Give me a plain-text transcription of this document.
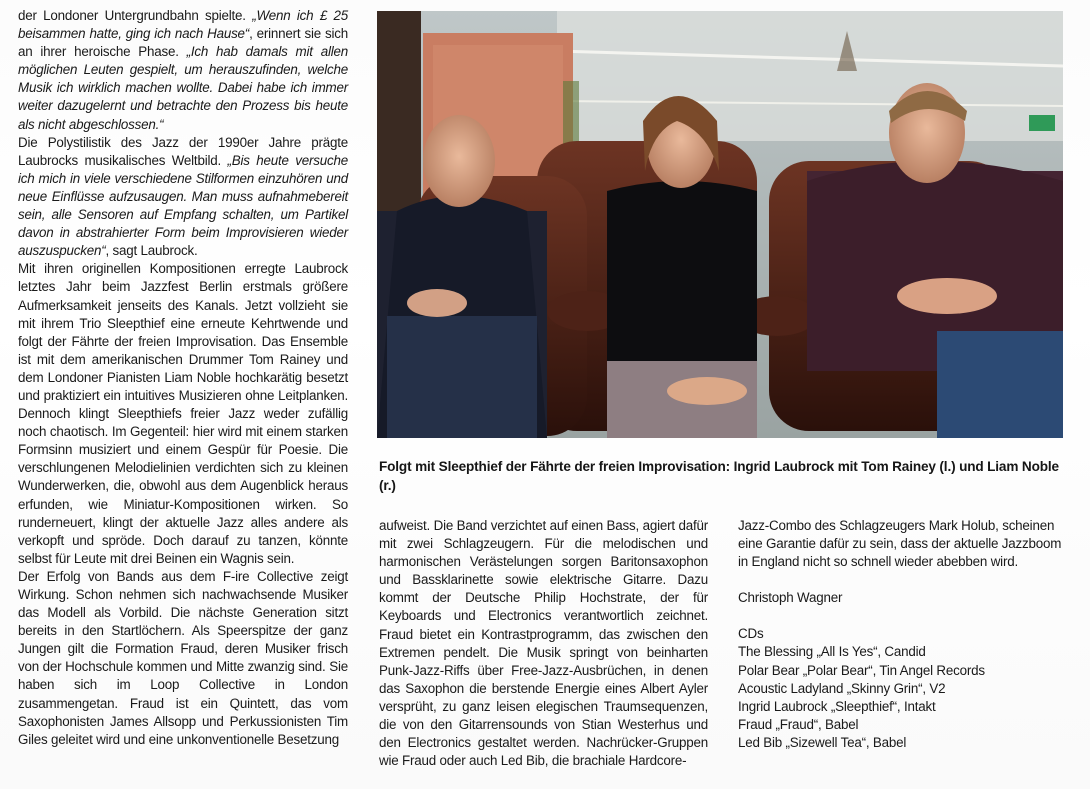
der Londoner Untergrundbahn spielte. „Wenn ich £ 25 beisammen hatte, ging ich nach Hause“, erinnert sie sich an ihrer heroische Phase. „Ich hab damals mit allen möglichen Leuten gespielt, um herauszufinden, welche Musik ich wirklich machen wollte. Dabei habe ich immer weiter dazugelernt und betrachte den Prozess bis heute als nicht abgeschlossen.“

Die Polystilistik des Jazz der 1990er Jahre prägte Laubrocks musikalisches Weltbild. „Bis heute versuche ich mich in viele verschiedene Stilformen einzuhören und neue Einflüsse aufzusaugen. Man muss aufnahmebereit sein, alle Sensoren auf Empfang schalten, um Partikel davon in abstrahierter Form beim Improvisieren wieder auszuspucken“, sagt Laubrock.

Mit ihren originellen Kompositionen erregte Laubrock letztes Jahr beim Jazzfest Berlin erstmals größere Aufmerksamkeit jenseits des Kanals. Jetzt vollzieht sie mit ihrem Trio Sleepthief eine erneute Kehrtwende und folgt der Fährte der freien Improvisation. Das Ensemble ist mit dem amerikanischen Drummer Tom Rainey und dem Londoner Pianisten Liam Noble hochkarätig besetzt und praktiziert ein intuitives Musizieren ohne Leitplanken. Dennoch klingt Sleepthiefs freier Jazz weder zufällig noch chaotisch. Im Gegenteil: hier wird mit einem starken Formsinn musiziert und einem Gespür für Poesie. Die verschlungenen Melodielinien verdichten sich zu kleinen Wunderwerken, die, obwohl aus dem Augenblick heraus erfunden, wie Miniatur-Kompositionen wirken. So runderneuert, klingt der aktuelle Jazz alles andere als verkopft und spröde. Doch darauf zu tanzen, könnte selbst für Leute mit drei Beinen ein Wagnis sein.

Der Erfolg von Bands aus dem F-ire Collective zeigt Wirkung. Schon nehmen sich nachwachsende Musiker das Modell als Vorbild. Die nächste Generation sitzt bereits in den Startlöchern. Als Speerspitze der ganz Jungen gilt die Formation Fraud, deren Musiker frisch von der Hochschule kommen und Mitte zwanzig sind. Sie haben sich im Loop Collective in London zusammengetan. Fraud ist ein Quintett, das vom Saxophonisten James Allsopp und Perkussionisten Tim Giles geleitet wird und eine unkonventionelle Besetzung

Folgt mit Sleepthief der Fährte der freien Improvisation: Ingrid Laubrock mit Tom Rainey (l.) und Liam Noble (r.)

aufweist. Die Band verzichtet auf einen Bass, agiert dafür mit zwei Schlagzeugern. Für die melodischen und harmonischen Verästelungen sorgen Baritonsaxophon und Bassklarinette sowie elektrische Gitarre. Dazu kommt der Deutsche Philip Hochstrate, der für Keyboards und Electronics verantwortlich zeichnet. Fraud bietet ein Kontrastprogramm, das zwischen den Extremen pendelt. Die Musik springt von beinharten Punk-Jazz-Riffs über Free-Jazz-Ausbrüchen, in denen das Saxophon die berstende Energie eines Albert Ayler versprüht, zu ganz leisen elegischen Traumsequenzen, die von den Gitarrensounds von Stian Westerhus und den Electronics gestaltet werden. Nachrücker-Gruppen wie Fraud oder auch Led Bib, die brachiale Hardcore-

Jazz-Combo des Schlagzeugers Mark Holub, scheinen eine Garantie dafür zu sein, dass der aktuelle Jazzboom in England nicht so schnell wieder abebben wird.

Christoph Wagner

CDs

The Blessing „All Is Yes“, Candid

Polar Bear „Polar Bear“, Tin Angel Records

Acoustic Ladyland „Skinny Grin“, V2

Ingrid Laubrock „Sleepthief“, Intakt

Fraud „Fraud“, Babel

Led Bib „Sizewell Tea“, Babel
